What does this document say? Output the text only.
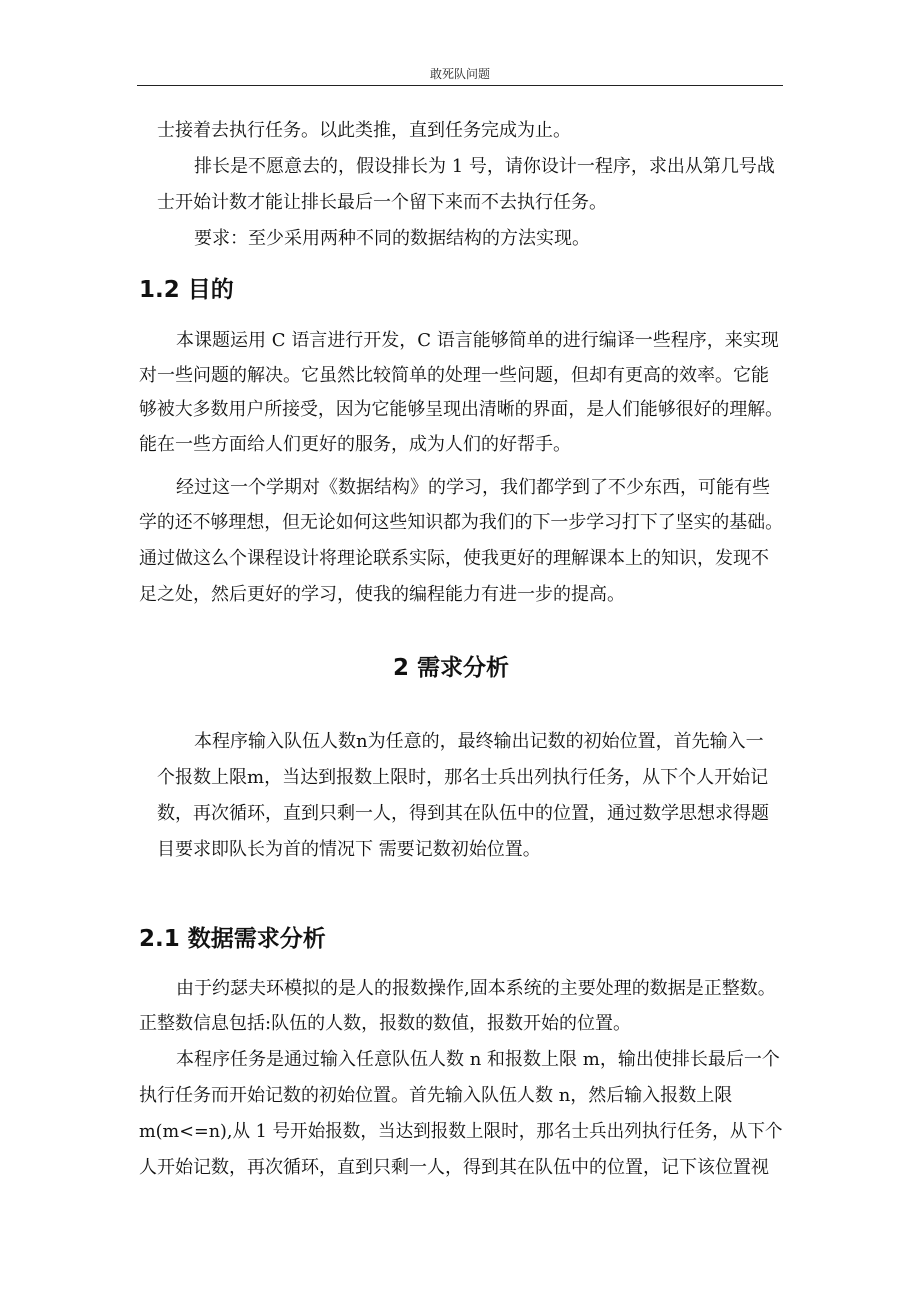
敢死队问题
士接着去执行任务。以此类推，直到任务完成为止。
排长是不愿意去的，假设排长为 1 号，请你设计一程序，求出从第几号战
士开始计数才能让排长最后一个留下来而不去执行任务。
要求：至少采用两种不同的数据结构的方法实现。
1.2 目的
本课题运用 C 语言进行开发，C 语言能够简单的进行编译一些程序，来实现
对一些问题的解决。它虽然比较简单的处理一些问题，但却有更高的效率。它能
够被大多数用户所接受，因为它能够呈现出清晰的界面，是人们能够很好的理解。
能在一些方面给人们更好的服务，成为人们的好帮手。
经过这一个学期对《数据结构》的学习，我们都学到了不少东西，可能有些
学的还不够理想，但无论如何这些知识都为我们的下一步学习打下了坚实的基础。
通过做这么个课程设计将理论联系实际，使我更好的理解课本上的知识，发现不
足之处，然后更好的学习，使我的编程能力有进一步的提高。
2 需求分析
本程序输入队伍人数n为任意的，最终输出记数的初始位置，首先输入一
个报数上限m，当达到报数上限时，那名士兵出列执行任务，从下个人开始记
数，再次循环，直到只剩一人，得到其在队伍中的位置，通过数学思想求得题
目要求即队长为首的情况下 需要记数初始位置。
2.1 数据需求分析
由于约瑟夫环模拟的是人的报数操作,固本系统的主要处理的数据是正整数。
正整数信息包括:队伍的人数，报数的数值，报数开始的位置。
本程序任务是通过输入任意队伍人数 n 和报数上限 m，输出使排长最后一个
执行任务而开始记数的初始位置。首先输入队伍人数 n，然后输入报数上限
m(m<=n),从 1 号开始报数，当达到报数上限时，那名士兵出列执行任务，从下个
人开始记数，再次循环，直到只剩一人，得到其在队伍中的位置，记下该位置视
